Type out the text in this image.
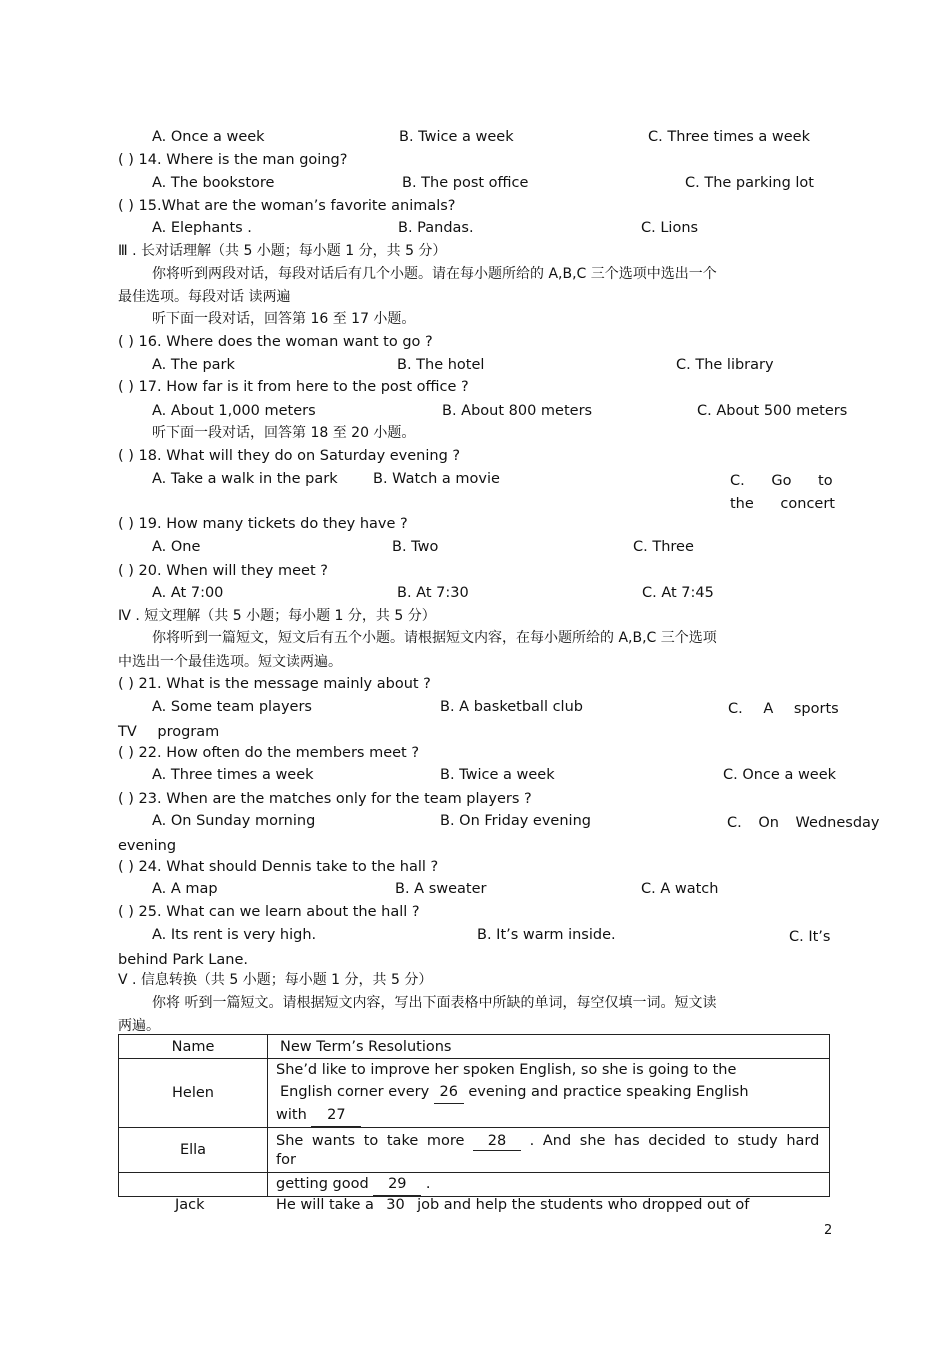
A. Once a week	B. Twice a week	C. Three times a week
( ) 14. Where is the man going?
A. The bookstore	B. The post office	C. The parking lot
( ) 15.What are the woman’s favorite animals?
A. Elephants .	B. Pandas.	C. Lions
Ⅲ . 长对话理解（共 5 小题；每小题 1 分，共 5 分）
你将听到两段对话，每段对话后有几个小题。请在每小题所给的 A,B,C 三个选项中选出一个
最佳选项。每段对话 读两遍
听下面一段对话，回答第 16 至 17 小题。
( ) 16. Where does the woman want to go ?
A. The park	B. The hotel	C. The library
( ) 17. How far is it from here to the post office ?
A. About 1,000 meters	B. About 800 meters	C. About 500 meters
听下面一段对话，回答第 18 至 20 小题。
( ) 18. What will they do on Saturday evening ?
A. Take a walk in the park B. Watch a movie	C. Go to the concert
( ) 19. How many tickets do they have ?
A. One	B. Two	C. Three
( ) 20. When will they meet ?
A. At 7:00	B. At 7:30	C. At 7:45
Ⅳ . 短文理解（共 5 小题；每小题 1 分，共 5 分）
你将听到一篇短文，短文后有五个小题。请根据短文内容，在每小题所给的 A,B,C 三个选项
中选出一个最佳选项。短文读两遍。
( ) 21. What is the message mainly about ?
A. Some team players	B. A basketball club	C. A sports TV program
( ) 22. How often do the members meet ?
A. Three times a week	B. Twice a week	C. Once a week
( ) 23. When are the matches only for the team players ?
A. On Sunday morning	B. On Friday evening	C. On Wednesday evening
( ) 24. What should Dennis take to the hall ?
A. A map	B. A sweater	C. A watch
( ) 25. What can we learn about the hall ?
A. Its rent is very high.	B. It’s warm inside.	C. It’s behind Park Lane.
Ⅴ . 信息转换（共 5 小题；每小题 1 分，共 5 分）
你将 听到一篇短文。请根据短文内容，写出下面表格中所缺的单词，每空仅填一词。短文读
两遍。
Name	New Term’s Resolutions
Helen	She’d like to improve her spoken English, so she is going to the
English corner every 26 evening and practice speaking English
with 27

Ella	She wants to take more 28 . And she has decided to study hard for

	getting good 29 .
Jack	He will take a 30 job and help the students who dropped out of
2
